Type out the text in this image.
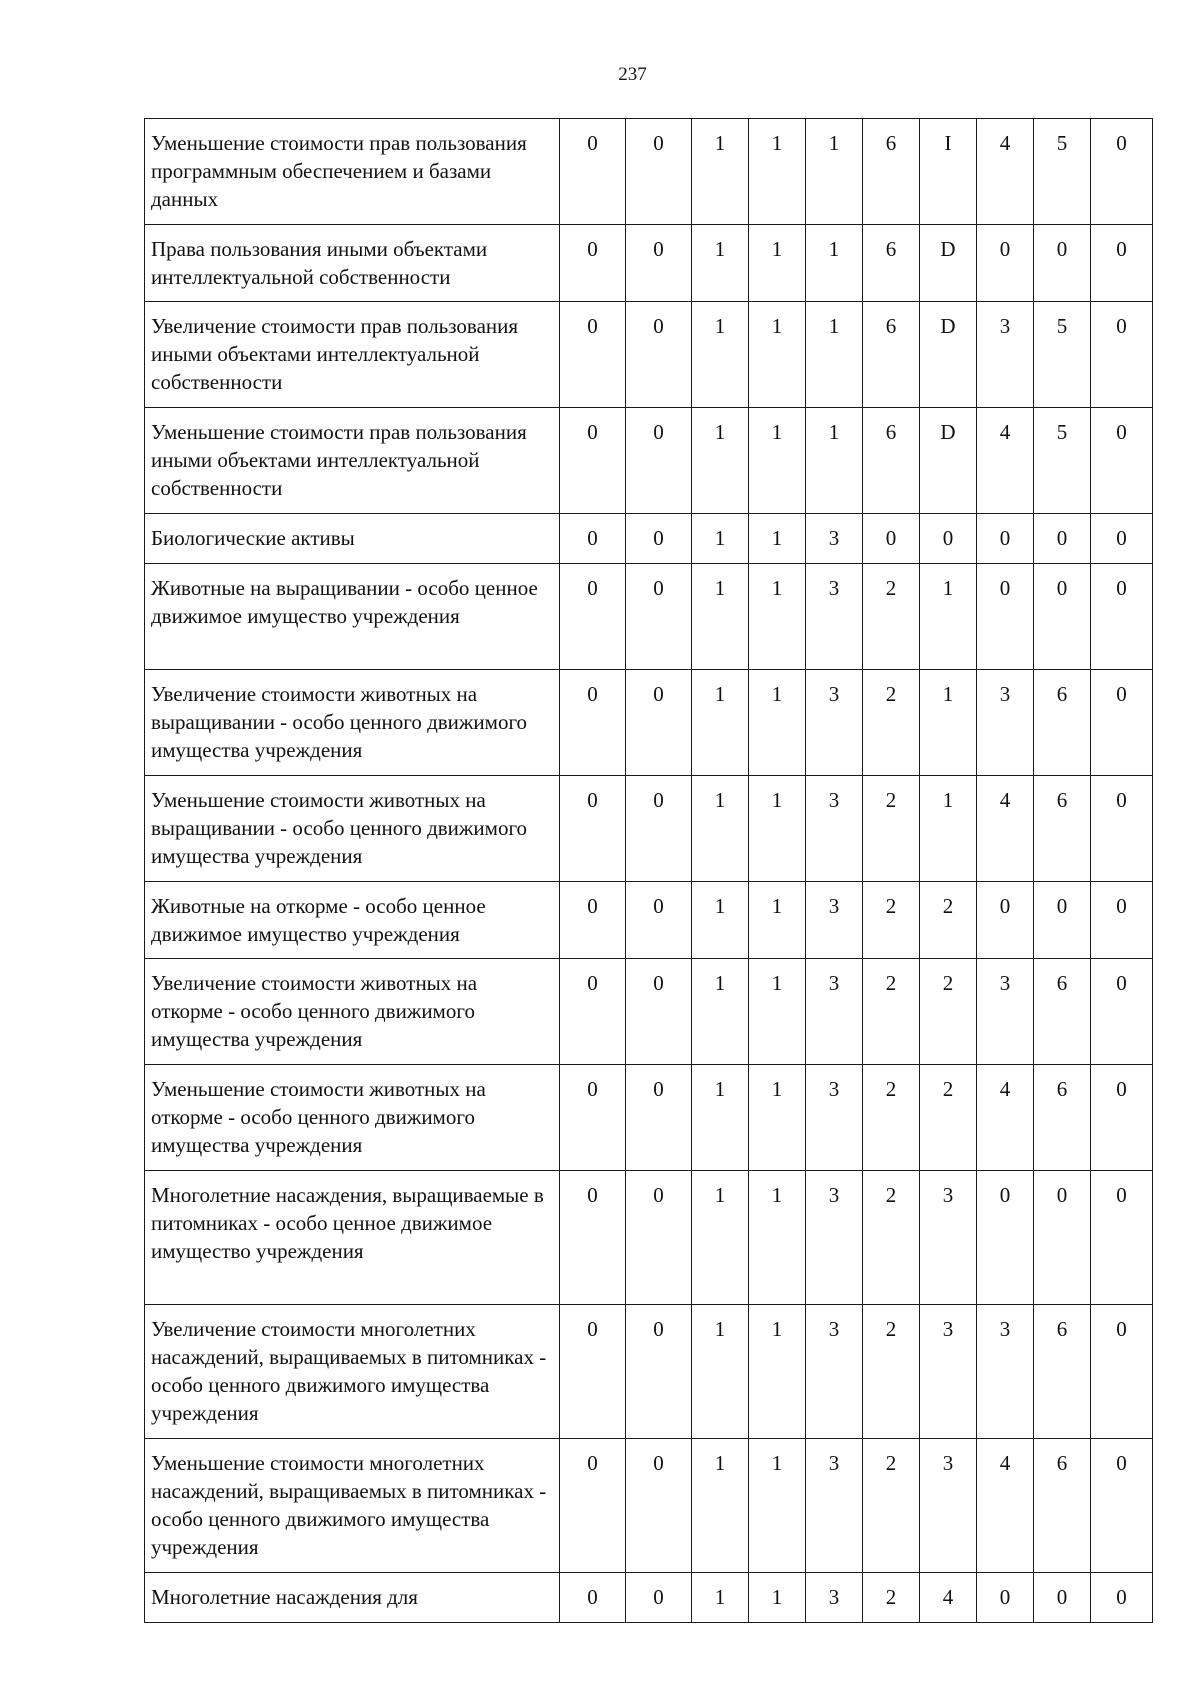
237
Уменьшение стоимости прав пользования программным обеспечением и базами данных	0	0	1	1	1	6	I	4	5	0
Права пользования иными объектами интеллектуальной собственности	0	0	1	1	1	6	D	0	0	0
Увеличение стоимости прав пользования иными объектами интеллектуальной собственности	0	0	1	1	1	6	D	3	5	0
Уменьшение стоимости прав пользования иными объектами интеллектуальной собственности	0	0	1	1	1	6	D	4	5	0
Биологические активы	0	0	1	1	3	0	0	0	0	0
Животные на выращивании - особо ценное движимое имущество учреждения	0	0	1	1	3	2	1	0	0	0
Увеличение стоимости животных на выращивании - особо ценного движимого имущества учреждения	0	0	1	1	3	2	1	3	6	0
Уменьшение стоимости животных на выращивании - особо ценного движимого имущества учреждения	0	0	1	1	3	2	1	4	6	0
Животные на откорме - особо ценное движимое имущество учреждения	0	0	1	1	3	2	2	0	0	0
Увеличение стоимости животных на откорме - особо ценного движимого имущества учреждения	0	0	1	1	3	2	2	3	6	0
Уменьшение стоимости животных на откорме - особо ценного движимого имущества учреждения	0	0	1	1	3	2	2	4	6	0
Многолетние насаждения, выращиваемые в питомниках - особо ценное движимое имущество учреждения	0	0	1	1	3	2	3	0	0	0
Увеличение стоимости многолетних насаждений, выращиваемых в питомниках - особо ценного движимого имущества учреждения	0	0	1	1	3	2	3	3	6	0
Уменьшение стоимости многолетних насаждений, выращиваемых в питомниках - особо ценного движимого имущества учреждения	0	0	1	1	3	2	3	4	6	0
Многолетние насаждения для	0	0	1	1	3	2	4	0	0	0
